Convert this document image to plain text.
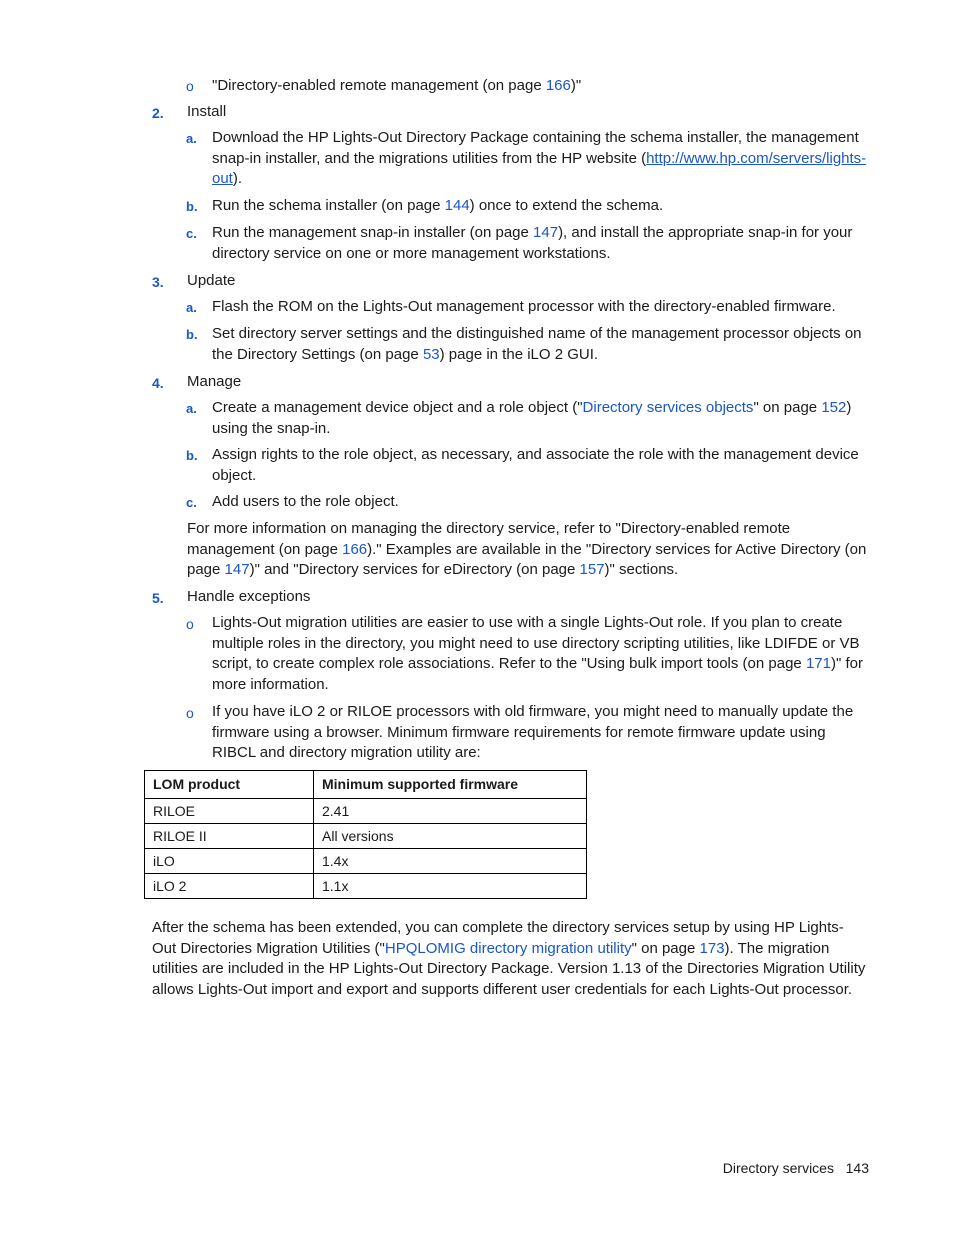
o "Directory-enabled remote management (on page 166)"
2. Install
a. Download the HP Lights-Out Directory Package containing the schema installer, the management snap-in installer, and the migrations utilities from the HP website (http://www.hp.com/servers/lights-out).
b. Run the schema installer (on page 144) once to extend the schema.
c. Run the management snap-in installer (on page 147), and install the appropriate snap-in for your directory service on one or more management workstations.
3. Update
a. Flash the ROM on the Lights-Out management processor with the directory-enabled firmware.
b. Set directory server settings and the distinguished name of the management processor objects on the Directory Settings (on page 53) page in the iLO 2 GUI.
4. Manage
a. Create a management device object and a role object ("Directory services objects" on page 152) using the snap-in.
b. Assign rights to the role object, as necessary, and associate the role with the management device object.
c. Add users to the role object.
For more information on managing the directory service, refer to "Directory-enabled remote management (on page 166)." Examples are available in the "Directory services for Active Directory (on page 147)" and "Directory services for eDirectory (on page 157)" sections.
5. Handle exceptions
o Lights-Out migration utilities are easier to use with a single Lights-Out role. If you plan to create multiple roles in the directory, you might need to use directory scripting utilities, like LDIFDE or VB script, to create complex role associations. Refer to the "Using bulk import tools (on page 171)" for more information.
o If you have iLO 2 or RILOE processors with old firmware, you might need to manually update the firmware using a browser. Minimum firmware requirements for remote firmware update using RIBCL and directory migration utility are:
LOM product	Minimum supported firmware
RILOE	2.41
RILOE II	All versions
iLO	1.4x
iLO 2	1.1x
After the schema has been extended, you can complete the directory services setup by using HP Lights-Out Directories Migration Utilities ("HPQLOMIG directory migration utility" on page 173). The migration utilities are included in the HP Lights-Out Directory Package. Version 1.13 of the Directories Migration Utility allows Lights-Out import and export and supports different user credentials for each Lights-Out processor.
Directory services 143
